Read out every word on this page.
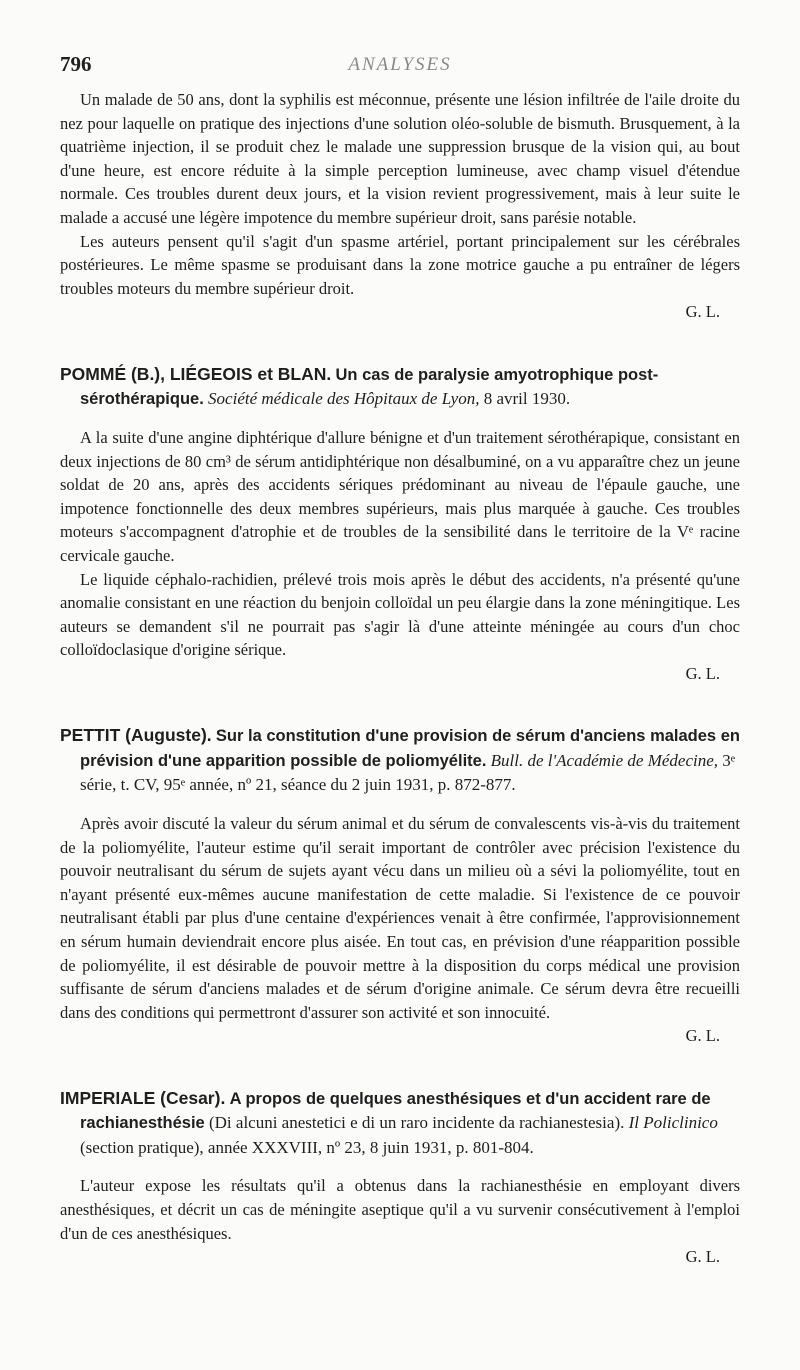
796	ANALYSES

Un malade de 50 ans, dont la syphilis est méconnue, présente une lésion infiltrée de l'aile droite du nez pour laquelle on pratique des injections d'une solution oléo-soluble de bismuth. Brusquement, à la quatrième injection, il se produit chez le malade une suppression brusque de la vision qui, au bout d'une heure, est encore réduite à la simple perception lumineuse, avec champ visuel d'étendue normale. Ces troubles durent deux jours, et la vision revient progressivement, mais à leur suite le malade a accusé une légère impotence du membre supérieur droit, sans parésie notable.

Les auteurs pensent qu'il s'agit d'un spasme artériel, portant principalement sur les cérébrales postérieures. Le même spasme se produisant dans la zone motrice gauche a pu entraîner de légers troubles moteurs du membre supérieur droit.

G. L.

POMMÉ (B.), LIÉGEOIS et BLAN. Un cas de paralysie amyotrophique post-sérothérapique. Société médicale des Hôpitaux de Lyon, 8 avril 1930.

A la suite d'une angine diphtérique d'allure bénigne et d'un traitement sérothérapique, consistant en deux injections de 80 cm³ de sérum antidiphtérique non désalbuminé, on a vu apparaître chez un jeune soldat de 20 ans, après des accidents sériques prédominant au niveau de l'épaule gauche, une impotence fonctionnelle des deux membres supérieurs, mais plus marquée à gauche. Ces troubles moteurs s'accompagnent d'atrophie et de troubles de la sensibilité dans le territoire de la Vᵉ racine cervicale gauche.

Le liquide céphalo-rachidien, prélevé trois mois après le début des accidents, n'a présenté qu'une anomalie consistant en une réaction du benjoin colloïdal un peu élargie dans la zone méningitique. Les auteurs se demandent s'il ne pourrait pas s'agir là d'une atteinte méningée au cours d'un choc colloïdoclasique d'origine sérique.

G. L.

PETTIT (Auguste). Sur la constitution d'une provision de sérum d'anciens malades en prévision d'une apparition possible de poliomyélite. Bull. de l'Académie de Médecine, 3ᵉ série, t. CV, 95ᵉ année, nº 21, séance du 2 juin 1931, p. 872-877.

Après avoir discuté la valeur du sérum animal et du sérum de convalescents vis-à-vis du traitement de la poliomyélite, l'auteur estime qu'il serait important de contrôler avec précision l'existence du pouvoir neutralisant du sérum de sujets ayant vécu dans un milieu où a sévi la poliomyélite, tout en n'ayant présenté eux-mêmes aucune manifestation de cette maladie. Si l'existence de ce pouvoir neutralisant établi par plus d'une centaine d'expériences venait à être confirmée, l'approvisionnement en sérum humain deviendrait encore plus aisée. En tout cas, en prévision d'une réapparition possible de poliomyélite, il est désirable de pouvoir mettre à la disposition du corps médical une provision suffisante de sérum d'anciens malades et de sérum d'origine animale. Ce sérum devra être recueilli dans des conditions qui permettront d'assurer son activité et son innocuité.

G. L.

IMPERIALE (Cesar). A propos de quelques anesthésiques et d'un accident rare de rachianesthésie (Di alcuni anestetici e di un raro incidente da rachianestesia). Il Policlinico (section pratique), année XXXVIII, nº 23, 8 juin 1931, p. 801-804.

L'auteur expose les résultats qu'il a obtenus dans la rachianesthésie en employant divers anesthésiques, et décrit un cas de méningite aseptique qu'il a vu survenir consécutivement à l'emploi d'un de ces anesthésiques.

G. L.
